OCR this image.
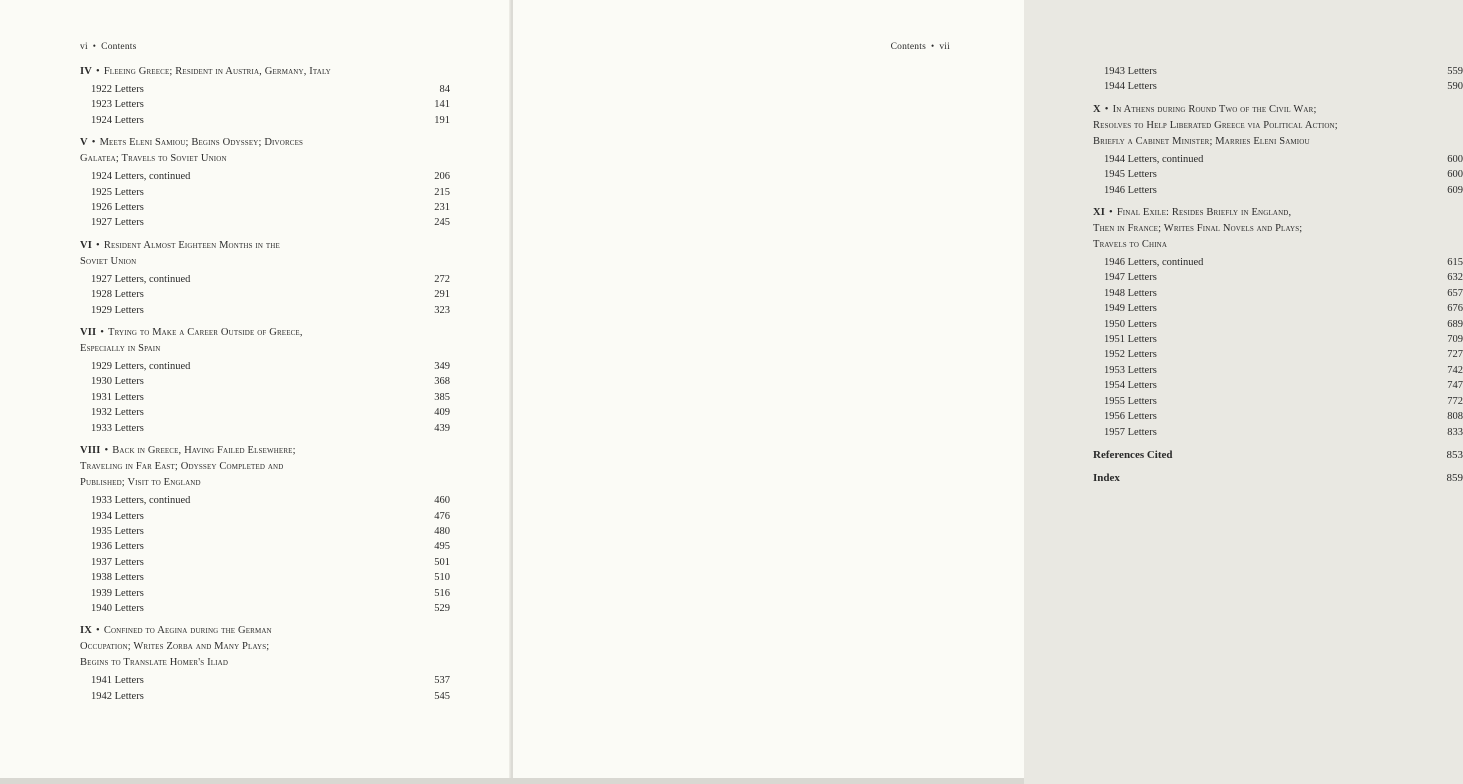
vi • Contents
IV • Fleeing Greece; Resident in Austria, Germany, Italy
1922 Letters	84
1923 Letters	141
1924 Letters	191
V • Meets Eleni Samiou; Begins Odyssey; Divorces
Galatea; Travels to Soviet Union
1924 Letters, continued	206
1925 Letters	215
1926 Letters	231
1927 Letters	245
VI • Resident Almost Eighteen Months in the
Soviet Union
1927 Letters, continued	272
1928 Letters	291
1929 Letters	323
VII • Trying to Make a Career Outside of Greece,
Especially in Spain
1929 Letters, continued	349
1930 Letters	368
1931 Letters	385
1932 Letters	409
1933 Letters	439
VIII • Back in Greece, Having Failed Elsewhere;
Traveling in Far East; Odyssey Completed and
Published; Visit to England
1933 Letters, continued	460
1934 Letters	476
1935 Letters	480
1936 Letters	495
1937 Letters	501
1938 Letters	510
1939 Letters	516
1940 Letters	529
IX • Confined to Aegina during the German
Occupation; Writes Zorba and Many Plays;
Begins to Translate Homer's Iliad
1941 Letters	537
1942 Letters	545
Contents • vii
1943 Letters	559
1944 Letters	590
X • In Athens during Round Two of the Civil War;
Resolves to Help Liberated Greece via Political Action;
Briefly a Cabinet Minister; Marries Eleni Samiou
1944 Letters, continued	600
1945 Letters	600
1946 Letters	609
XI • Final Exile: Resides Briefly in England,
Then in France; Writes Final Novels and Plays;
Travels to China
1946 Letters, continued	615
1947 Letters	632
1948 Letters	657
1949 Letters	676
1950 Letters	689
1951 Letters	709
1952 Letters	727
1953 Letters	742
1954 Letters	747
1955 Letters	772
1956 Letters	808
1957 Letters	833
References Cited	853
Index	859
